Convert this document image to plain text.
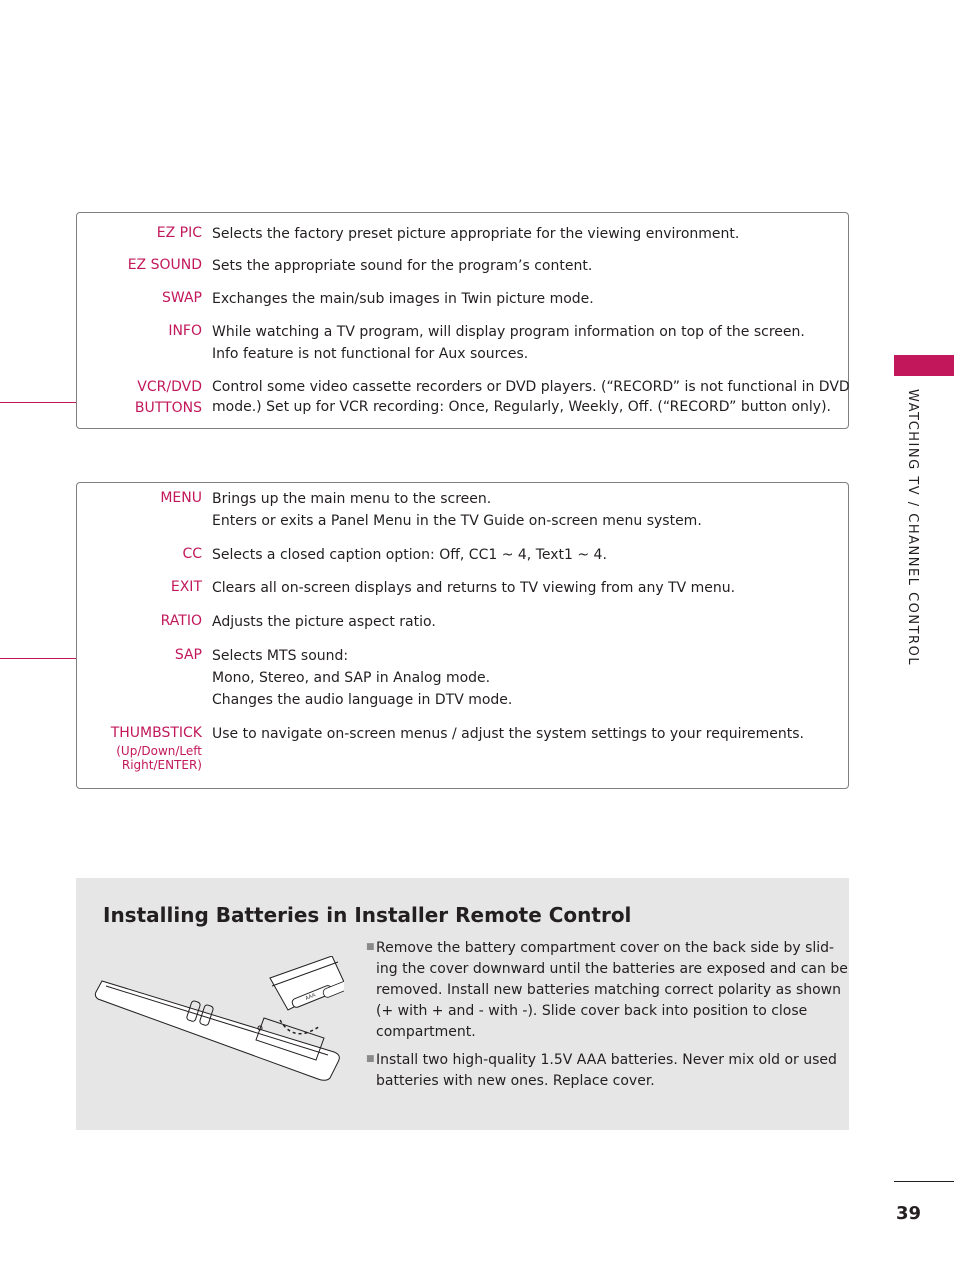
WATCHING TV / CHANNEL CONTROL
39
EZ PIC Selects the factory preset picture appropriate for the viewing environment.
EZ SOUND Sets the appropriate sound for the program’s content.
SWAP Exchanges the main/sub images in Twin picture mode.
INFO While watching a TV program, will display program information on top of the screen.
Info feature is not functional for Aux sources.
VCR/DVD
BUTTONS
Control some video cassette recorders or DVD players. (“RECORD” is not functional in DVD
mode.) Set up for VCR recording: Once, Regularly, Weekly, Off. (“RECORD” button only).
MENU Brings up the main menu to the screen.
Enters or exits a Panel Menu in the TV Guide on-screen menu system.
CC Selects a closed caption option: Off, CC1 ~ 4, Text1 ~ 4.
EXIT Clears all on-screen displays and returns to TV viewing from any TV menu.
RATIO Adjusts the picture aspect ratio.
SAP Selects MTS sound:
Mono, Stereo, and SAP in Analog mode.
Changes the audio language in DTV mode.
THUMBSTICK
(Up/Down/Left
Right/ENTER)
Use to navigate on-screen menus / adjust the system settings to your requirements.
Installing Batteries in Installer Remote Control
AAA
■ Remove the battery compartment cover on the back side by slid-
ing the cover downward until the batteries are exposed and can be
removed. Install new batteries matching correct polarity as shown
(+ with + and - with -). Slide cover back into position to close
compartment.
■ Install two high-quality 1.5V AAA batteries. Never mix old or used
batteries with new ones. Replace cover.
